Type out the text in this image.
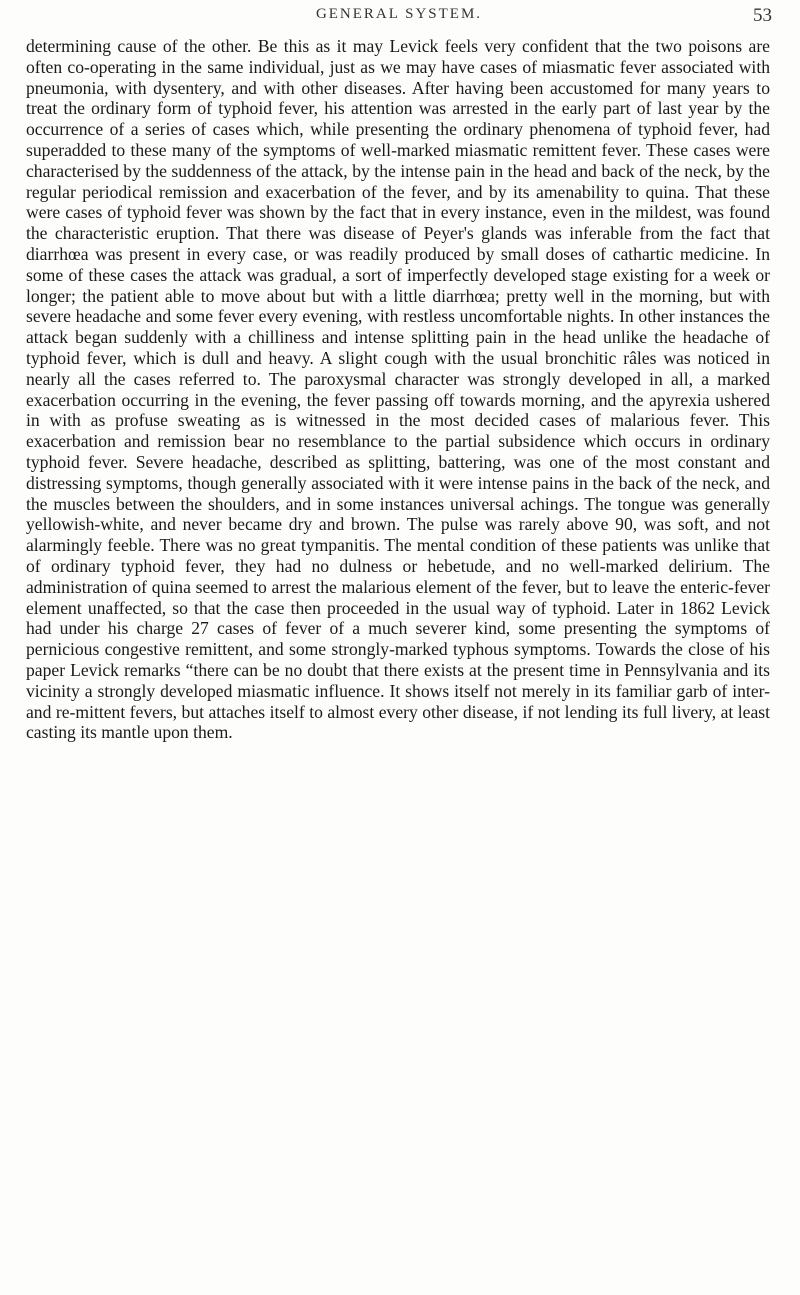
GENERAL SYSTEM.	53

determining cause of the other. Be this as it may Levick feels very confident that the two poisons are often co-operating in the same individual, just as we may have cases of miasmatic fever associated with pneumonia, with dysentery, and with other diseases. After having been accustomed for many years to treat the ordinary form of typhoid fever, his attention was arrested in the early part of last year by the occurrence of a series of cases which, while presenting the ordinary phenomena of typhoid fever, had superadded to these many of the symptoms of well-marked miasmatic remittent fever. These cases were characterised by the suddenness of the attack, by the intense pain in the head and back of the neck, by the regular periodical remission and exacerbation of the fever, and by its amenability to quina. That these were cases of typhoid fever was shown by the fact that in every instance, even in the mildest, was found the characteristic eruption. That there was disease of Peyer's glands was inferable from the fact that diarrhœa was present in every case, or was readily produced by small doses of cathartic medicine. In some of these cases the attack was gradual, a sort of imperfectly developed stage existing for a week or longer; the patient able to move about but with a little diarrhœa; pretty well in the morning, but with severe headache and some fever every evening, with restless uncomfortable nights. In other instances the attack began suddenly with a chilliness and intense splitting pain in the head unlike the headache of typhoid fever, which is dull and heavy. A slight cough with the usual bronchitic râles was noticed in nearly all the cases referred to. The paroxysmal character was strongly developed in all, a marked exacerbation occurring in the evening, the fever passing off towards morning, and the apyrexia ushered in with as profuse sweating as is witnessed in the most decided cases of malarious fever. This exacerbation and remission bear no resemblance to the partial subsidence which occurs in ordinary typhoid fever. Severe headache, described as splitting, battering, was one of the most constant and distressing symptoms, though generally associated with it were intense pains in the back of the neck, and the muscles between the shoulders, and in some instances universal achings. The tongue was generally yellowish-white, and never became dry and brown. The pulse was rarely above 90, was soft, and not alarmingly feeble. There was no great tympanitis. The mental condition of these patients was unlike that of ordinary typhoid fever, they had no dulness or hebetude, and no well-marked delirium. The administration of quina seemed to arrest the malarious element of the fever, but to leave the enteric-fever element unaffected, so that the case then proceeded in the usual way of typhoid. Later in 1862 Levick had under his charge 27 cases of fever of a much severer kind, some presenting the symptoms of pernicious congestive remittent, and some strongly-marked typhous symptoms. Towards the close of his paper Levick remarks “there can be no doubt that there exists at the present time in Pennsylvania and its vicinity a strongly developed miasmatic influence. It shows itself not merely in its familiar garb of inter- and re-mittent fevers, but attaches itself to almost every other disease, if not lending its full livery, at least casting its mantle upon them.
